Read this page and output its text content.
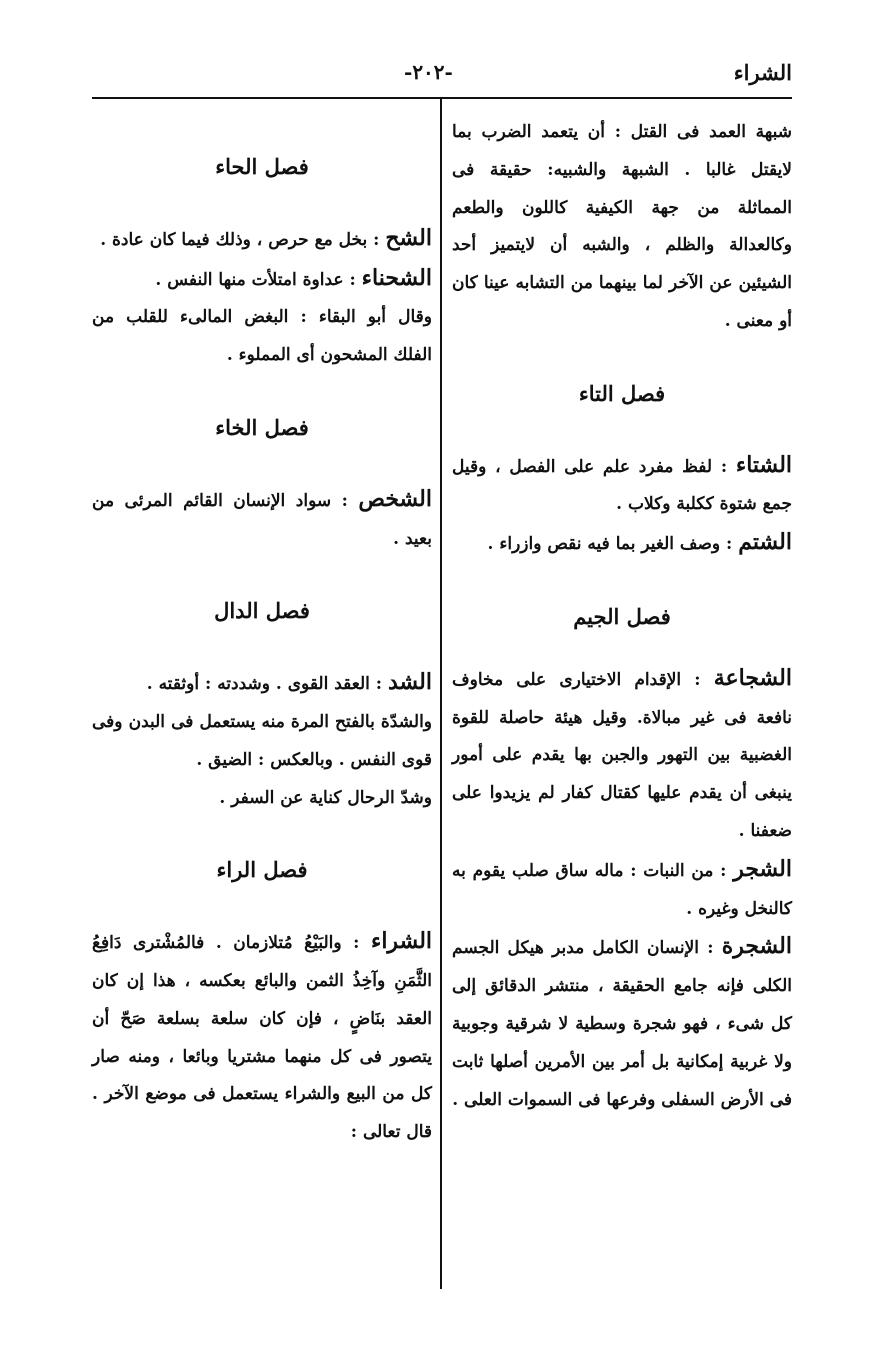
الشراء
-٢٠٢-

شبهة العمد فى القتل : أن يتعمد الضرب بما لايقتل غالبا . الشبهة والشبيه: حقيقة فى المماثلة من جهة الكيفية كاللون والطعم وكالعدالة والظلم ، والشبه أن لايتميز أحد الشيئين عن الآخر لما بينهما من التشابه عينا كان أو معنى .

فصل التاء

الشتاء : لفظ مفرد علم على الفصل ، وقيل جمع شتوة ككلبة وكلاب .

الشتم : وصف الغير بما فيه نقص وازراء .

فصل الجيم

الشجاعة : الإقدام الاختيارى على مخاوف نافعة فى غير مبالاة. وقيل هيئة حاصلة للقوة الغضبية بين التهور والجبن بها يقدم على أمور ينبغى أن يقدم عليها كقتال كفار لم يزيدوا على ضعفنا .

الشجر : من النبات : ماله ساق صلب يقوم به كالنخل وغيره .

الشجرة : الإنسان الكامل مدبر هيكل الجسم الكلى فإنه جامع الحقيقة ، منتشر الدقائق إلى كل شىء ، فهو شجرة وسطية لا شرقية وجوبية ولا غربية إمكانية بل أمر بين الأمرين أصلها ثابت فى الأرض السفلى وفرعها فى السموات العلى .

فصل الحاء

الشح : بخل مع حرص ، وذلك فيما كان عادة .

الشحناء : عداوة امتلأت منها النفس .

وقال أبو البقاء : البغض المالىء للقلب من الفلك المشحون أى المملوء .

فصل الخاء

الشخص : سواد الإنسان القائم المرئى من بعيد .

فصل الدال

الشد : العقد القوى . وشددته : أوثقته .

والشدّة بالفتح المرة منه يستعمل فى البدن وفى قوى النفس . وبالعكس : الضيق .

وشدّ الرحال كناية عن السفر .

فصل الراء

الشراء : والبَيْعُ مُتلازمان . فالمُشْترى دَافِعُ الثَّمَنِ وآخِذُ الثمن والبائع بعكسه ، هذا إن كان العقد بنَاضٍ ، فإن كان سلعة بسلعة صَحّ أن يتصور فى كل منهما مشتريا وبائعا ، ومنه صار كل من البيع والشراء يستعمل فى موضع الآخر . قال تعالى :
